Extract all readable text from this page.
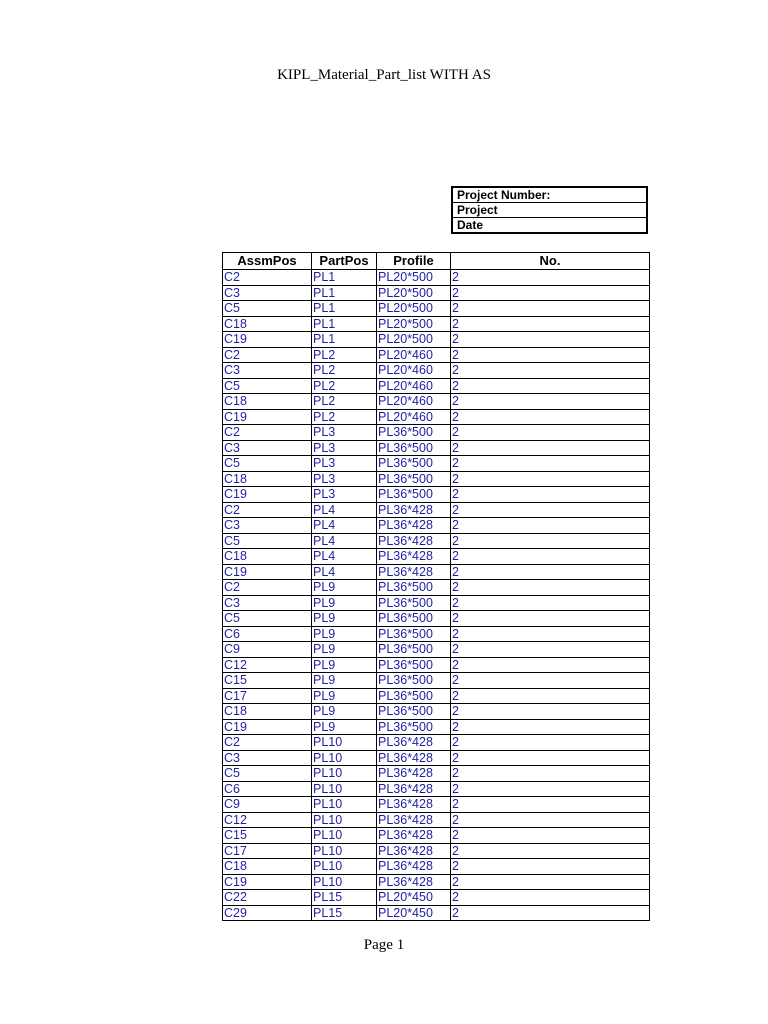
KIPL_Material_Part_list WITH AS
Project Number:
Project
Date
AssmPos	PartPos	Profile	No.
C2	PL1	PL20*500	2
C3	PL1	PL20*500	2
C5	PL1	PL20*500	2
C18	PL1	PL20*500	2
C19	PL1	PL20*500	2
C2	PL2	PL20*460	2
C3	PL2	PL20*460	2
C5	PL2	PL20*460	2
C18	PL2	PL20*460	2
C19	PL2	PL20*460	2
C2	PL3	PL36*500	2
C3	PL3	PL36*500	2
C5	PL3	PL36*500	2
C18	PL3	PL36*500	2
C19	PL3	PL36*500	2
C2	PL4	PL36*428	2
C3	PL4	PL36*428	2
C5	PL4	PL36*428	2
C18	PL4	PL36*428	2
C19	PL4	PL36*428	2
C2	PL9	PL36*500	2
C3	PL9	PL36*500	2
C5	PL9	PL36*500	2
C6	PL9	PL36*500	2
C9	PL9	PL36*500	2
C12	PL9	PL36*500	2
C15	PL9	PL36*500	2
C17	PL9	PL36*500	2
C18	PL9	PL36*500	2
C19	PL9	PL36*500	2
C2	PL10	PL36*428	2
C3	PL10	PL36*428	2
C5	PL10	PL36*428	2
C6	PL10	PL36*428	2
C9	PL10	PL36*428	2
C12	PL10	PL36*428	2
C15	PL10	PL36*428	2
C17	PL10	PL36*428	2
C18	PL10	PL36*428	2
C19	PL10	PL36*428	2
C22	PL15	PL20*450	2
C29	PL15	PL20*450	2
Page 1
